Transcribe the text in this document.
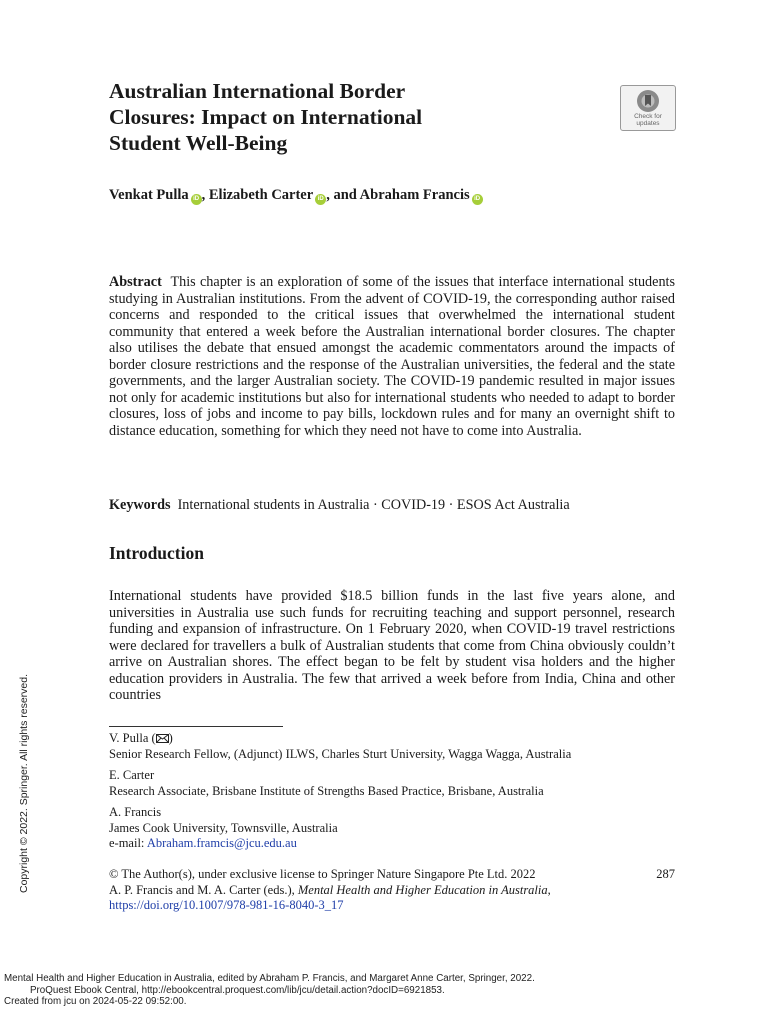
Australian International Border
Closures: Impact on International
Student Well-Being
Check for
updates
Venkat Pulla iD , Elizabeth Carter iD , and Abraham Francis iD
Abstract This chapter is an exploration of some of the issues that interface international students studying in Australian institutions. From the advent of COVID-19, the corresponding author raised concerns and responded to the critical issues that overwhelmed the international student community that entered a week before the Australian international border closures. The chapter also utilises the debate that ensued amongst the academic commentators around the impacts of border closure restrictions and the response of the Australian universities, the federal and the state governments, and the larger Australian society. The COVID-19 pandemic resulted in major issues not only for academic institutions but also for international students who needed to adapt to border closures, loss of jobs and income to pay bills, lockdown rules and for many an overnight shift to distance education, something for which they need not have to come into Australia.
Keywords International students in Australia · COVID-19 · ESOS Act Australia
Introduction
International students have provided $18.5 billion funds in the last five years alone, and universities in Australia use such funds for recruiting teaching and support personnel, research funding and expansion of infrastructure. On 1 February 2020, when COVID-19 travel restrictions were declared for travellers a bulk of Australian students that come from China obviously couldn’t arrive on Australian shores. The effect began to be felt by student visa holders and the higher education providers in Australia. The few that arrived a week before from India, China and other countries
V. Pulla ( )
Senior Research Fellow, (Adjunct) ILWS, Charles Sturt University, Wagga Wagga, Australia
E. Carter
Research Associate, Brisbane Institute of Strengths Based Practice, Brisbane, Australia
A. Francis
James Cook University, Townsville, Australia
e-mail: Abraham.framcis@jcu.edu.au
© The Author(s), under exclusive license to Springer Nature Singapore Pte Ltd. 2022	287
A. P. Francis and M. A. Carter (eds.), Mental Health and Higher Education in Australia,
https://doi.org/10.1007/978-981-16-8040-3_17
Copyright © 2022. Springer. All rights reserved.
Mental Health and Higher Education in Australia, edited by Abraham P. Francis, and Margaret Anne Carter, Springer, 2022.
ProQuest Ebook Central, http://ebookcentral.proquest.com/lib/jcu/detail.action?docID=6921853.
Created from jcu on 2024-05-22 09:52:00.
